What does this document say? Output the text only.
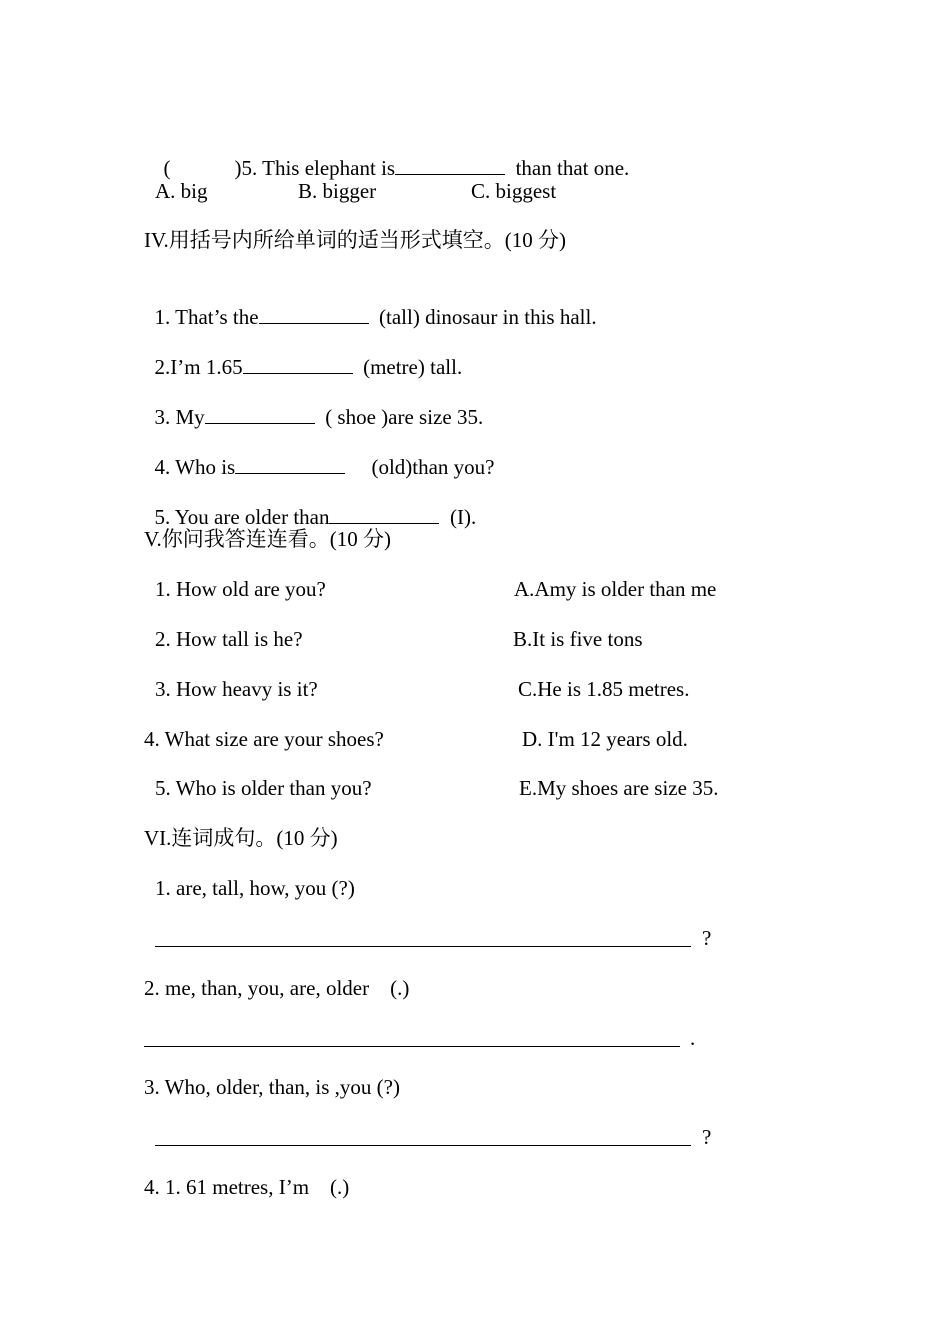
(	)5. This elephant is	than that one.

A. big	B. bigger	C. biggest
IV.用括号内所给单词的适当形式填空。(10 分)

1. That’s the	(tall) dinosaur in this hall.

2.I’m 1.65	(metre) tall.

3. My	( shoe )are size 35.

4. Who is	(old)than you?

5. You are older than	(I).

V.你问我答连连看。(10 分)
1. How old are you?	A.Amy is older than me
2. How tall is he?	B.It is five tons
3. How heavy is it?	C.He is 1.85 metres.
4. What size are your shoes?	D. I'm 12 years old.
5. Who is older than you?	E.My shoes are size 35.
VI.连词成句。(10 分)
1. are, tall, how, you (?)
?
2. me, than, you, are, older    (.)
.
3. Who, older, than, is ,you (?)
?
4. 1. 61 metres, I’m    (.)
